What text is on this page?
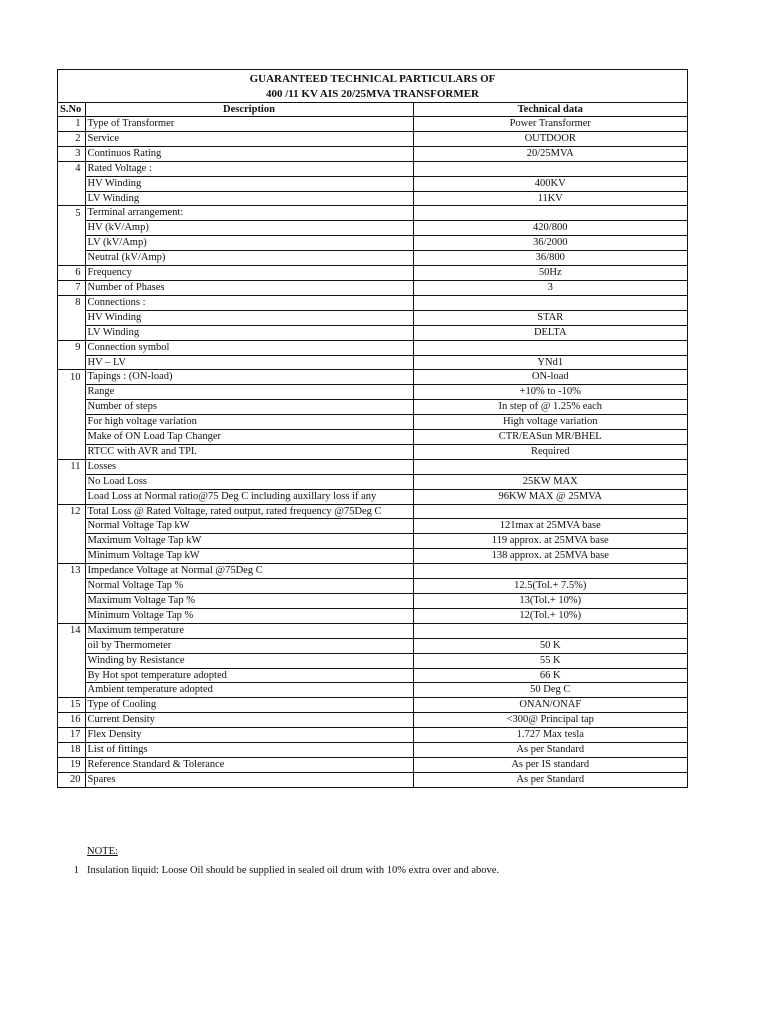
GUARANTEED TECHNICAL PARTICULARS OF
400 /11 KV AIS 20/25MVA TRANSFORMER
S.No	Description	Technical data
1	Type of Transformer	Power Transformer
2	Service	OUTDOOR
3	Continuos Rating	20/25MVA
4	Rated Voltage :	
	HV Winding	400KV
	LV Winding	11KV
5	Terminal arrangement:	
	HV (kV/Amp)	420/800
	LV (kV/Amp)	36/2000
	Neutral (kV/Amp)	36/800
6	Frequency	50Hz
7	Number of Phases	3
8	Connections :	
	HV Winding	STAR
	LV Winding	DELTA
9	Connection symbol	
	HV – LV	YNd1
10	Tapings : (ON-load)	ON-load
	Range	+10% to -10%
	Number of steps	In step of @ 1.25% each
	For high voltage variation	High voltage variation
	Make of ON Load Tap Changer	CTR/EASun MR/BHEL
	RTCC with AVR and TPI.	Required
11	Losses	
	No Load Loss	25KW MAX
	Load Loss at Normal ratio@75 Deg C including auxillary loss if any	96KW MAX @ 25MVA
12	Total Loss @ Rated Voltage, rated output, rated frequency @75Deg C	
	Normal Voltage Tap kW	121max at 25MVA base
	Maximum Voltage Tap kW	119 approx. at 25MVA base
	Minimum Voltage Tap kW	138 approx. at 25MVA base
13	Impedance Voltage at Normal @75Deg C	
	Normal Voltage Tap %	12.5(Tol.+ 7.5%)
	Maximum Voltage Tap %	13(Tol.+ 10%)
	Minimum Voltage Tap %	12(Tol.+ 10%)
14	Maximum temperature	
	oil by Thermometer	50 K
	Winding by Resistance	55 K
	By Hot spot temperature adopted	66 K
	Ambient temperature adopted	50 Deg C
15	Type of Cooling	ONAN/ONAF
16	Current Density	<300@ Principal tap
17	Flex Density	1.727 Max tesla
18	List of fittings	As per Standard
19	Reference Standard & Tolerance	As per IS standard
20	Spares	As per Standard
NOTE:
1 Insulation liquid: Loose Oil should be supplied in sealed oil drum with 10% extra over and above.
